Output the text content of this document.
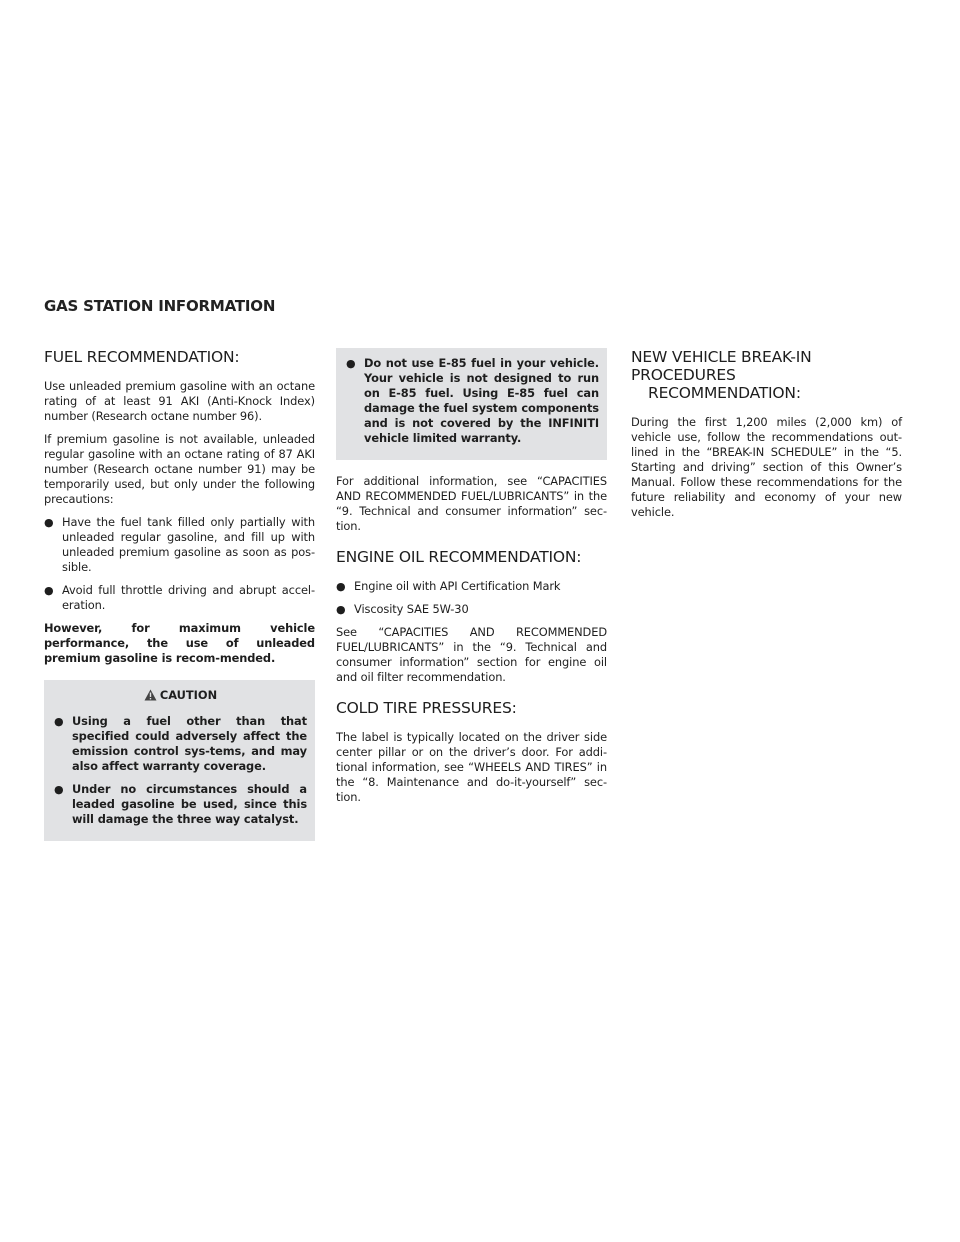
GAS STATION INFORMATION
FUEL RECOMMENDATION:

Use unleaded premium gasoline with an octane rating of at least 91 AKI (Anti-Knock Index) number (Research octane number 96).

If premium gasoline is not available, unleaded regular gasoline with an octane rating of 87 AKI number (Research octane number 91) may be temporarily used, but only under the following precautions:

● Have the fuel tank filled only partially with unleaded regular gasoline, and fill up with unleaded premium gasoline as soon as pos-sible.
● Avoid full throttle driving and abrupt accel-eration.

However, for maximum vehicle performance, the use of unleaded premium gasoline is recom-mended.

CAUTION
● Using a fuel other than that specified could adversely affect the emission control sys-tems, and may also affect warranty coverage.
● Under no circumstances should a leaded gasoline be used, since this will damage the three way catalyst.
● Do not use E-85 fuel in your vehicle. Your vehicle is not designed to run on E-85 fuel. Using E-85 fuel can damage the fuel system components and is not covered by the INFINITI vehicle limited warranty.

For additional information, see “CAPACITIES AND RECOMMENDED FUEL/LUBRICANTS” in the “9. Technical and consumer information” sec-tion.

ENGINE OIL RECOMMENDATION:
● Engine oil with API Certification Mark
● Viscosity SAE 5W-30

See “CAPACITIES AND RECOMMENDED FUEL/LUBRICANTS” in the “9. Technical and consumer information” section for engine oil and oil filter recommendation.

COLD TIRE PRESSURES:

The label is typically located on the driver side center pillar or on the driver’s door. For addi-tional information, see “WHEELS AND TIRES” in the “8. Maintenance and do-it-yourself” sec-tion.

NEW VEHICLE BREAK-IN PROCEDURES
RECOMMENDATION:

During the first 1,200 miles (2,000 km) of vehicle use, follow the recommendations out-lined in the “BREAK-IN SCHEDULE” in the “5. Starting and driving” section of this Owner’s Manual. Follow these recommendations for the future reliability and economy of your new vehicle.
